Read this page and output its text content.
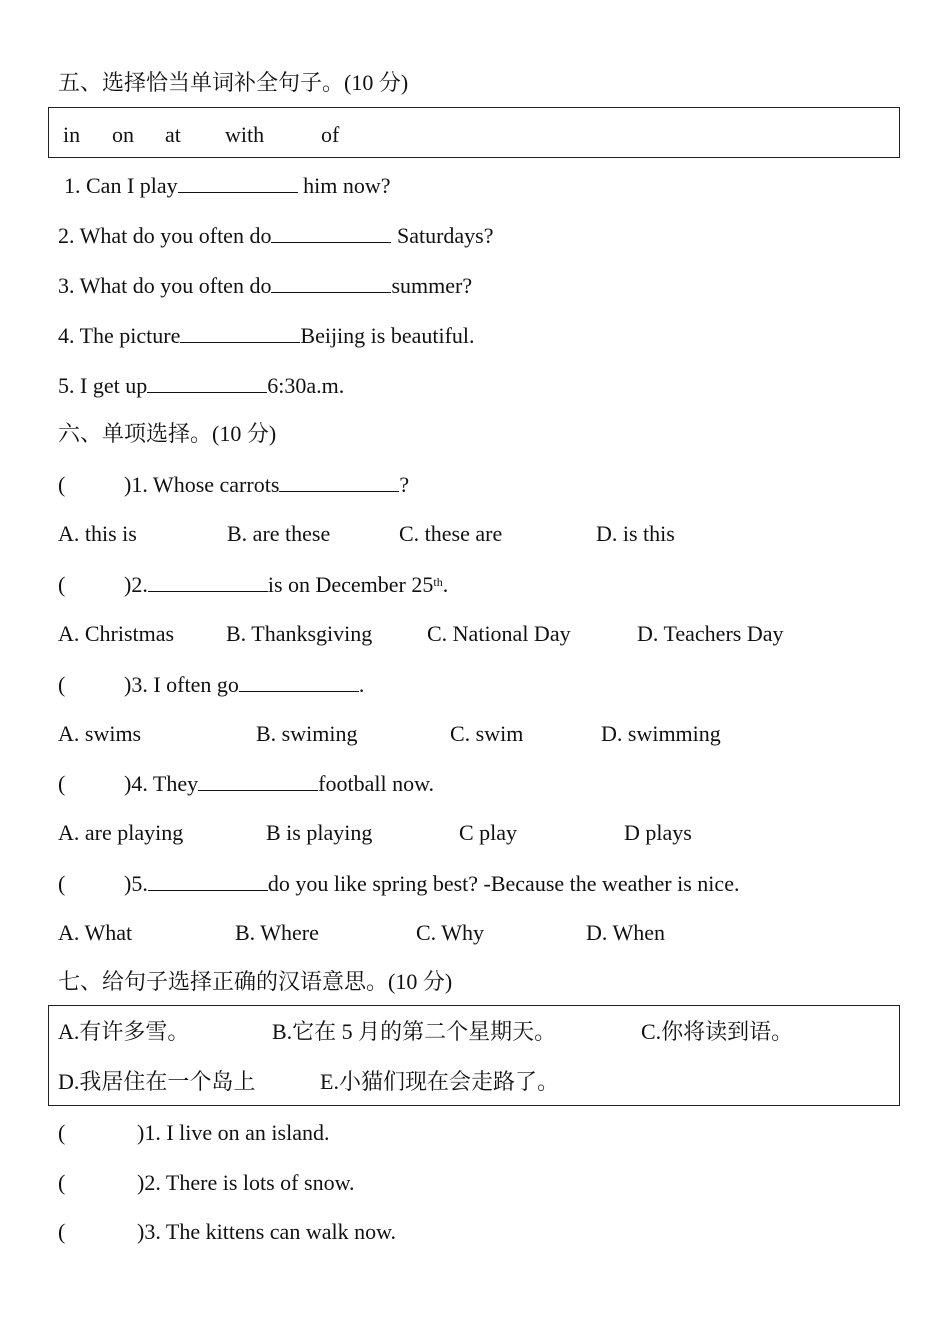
五、选择恰当单词补全句子。(10 分)
in on at with	of
1. Can I play	him now?
2. What do you often do	Saturdays?
3. What do you often do	summer?
4. The picture	Beijing is beautiful.
5. I get up	6:30a.m.
六、单项选择。(10 分)
(	)1. Whose carrots	?
A. this is	B. are these	C. these are	D. is this
(	)2.	is on December 25th.
A. Christmas B. Thanksgiving C. National Day	D. Teachers Day
(	)3. I often go	.
A. swims	B. swiming	C. swim	D. swimming
(	)4. They	football now.
A. are playing	B is playing	C play	D plays
(	)5.	do you like spring best? -Because the weather is nice.
A. What	B. Where	C. Why	D. When
七、给句子选择正确的汉语意思。(10 分)
A.有许多雪。	B.它在 5 月的第二个星期天。	C.你将读到语。
D.我居住在一个岛上	E.小猫们现在会走路了。
(	)1. I live on an island.
(	)2. There is lots of snow.
(	)3. The kittens can walk now.
